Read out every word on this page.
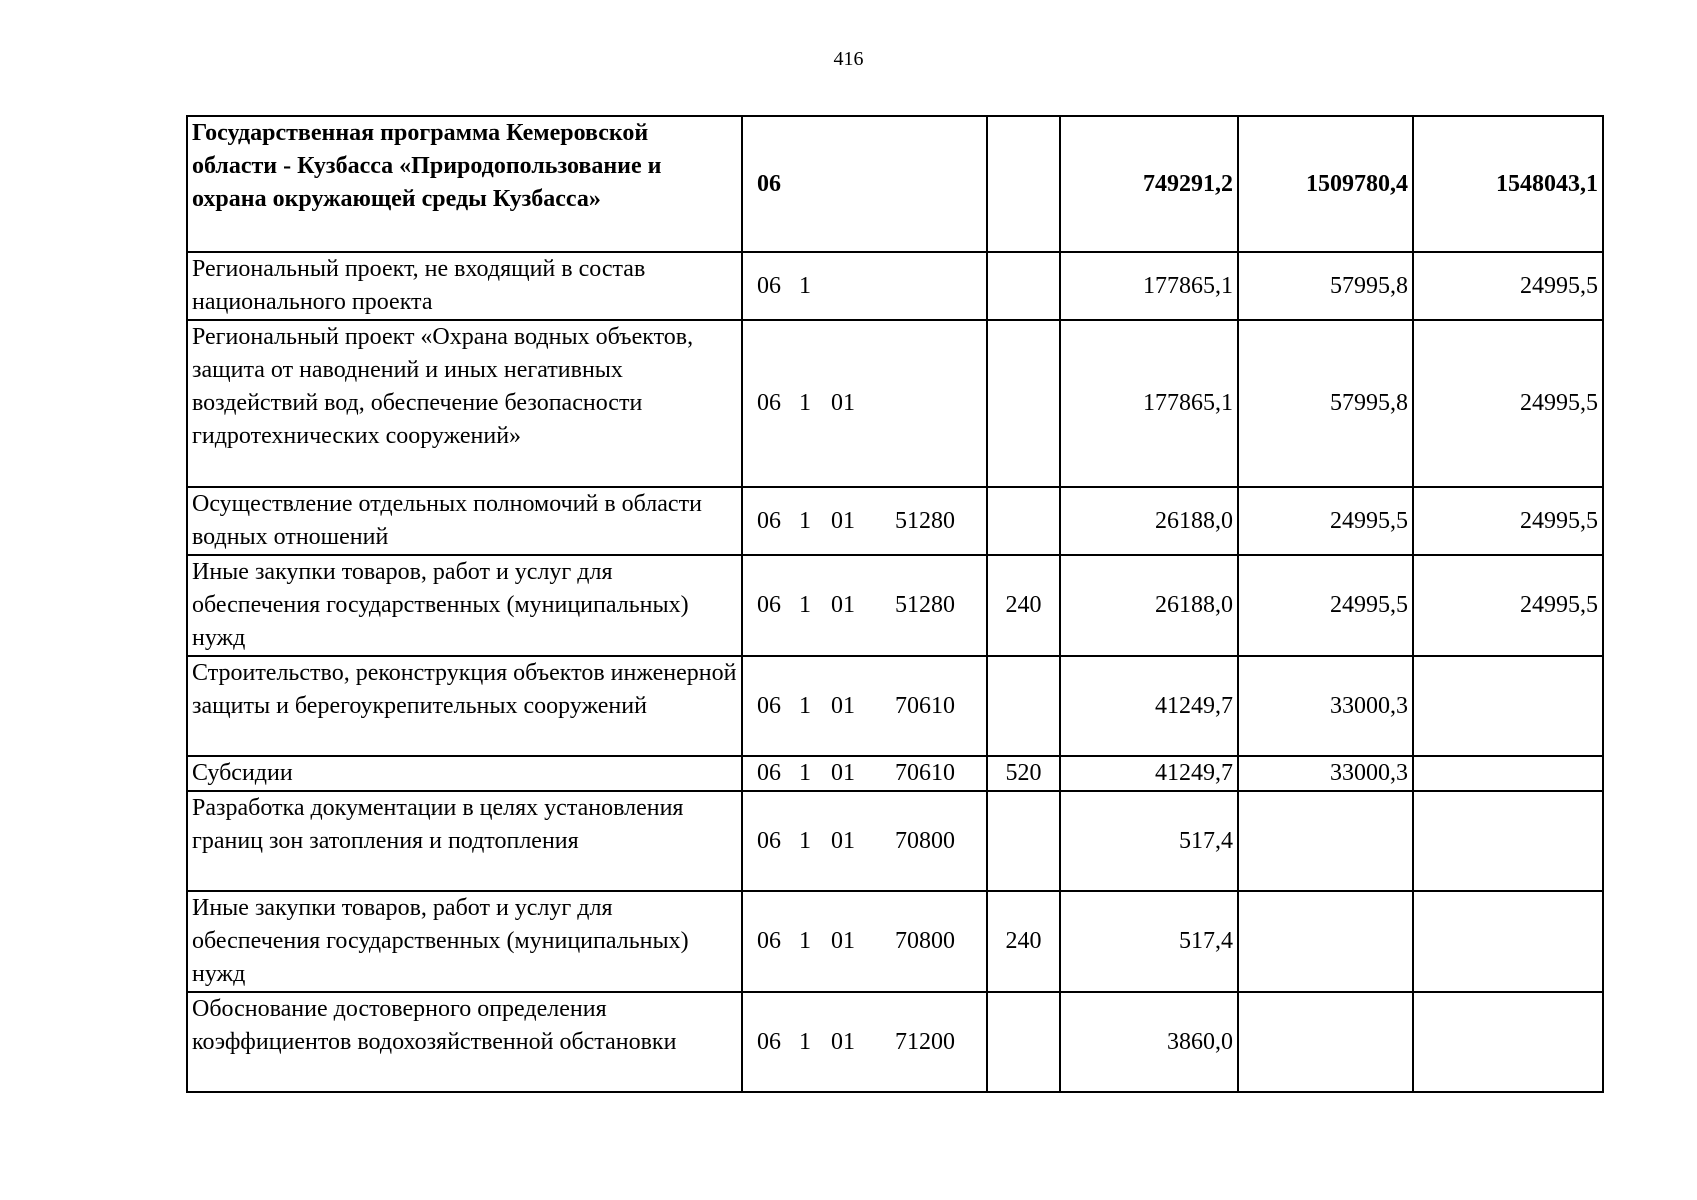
416
Государственная программа Кемеровской области - Кузбасса «Природопользование и охрана окружающей среды Кузбасса»	06		749291,2	1509780,4	1548043,1
Региональный проект, не входящий в состав национального проекта	06 1		177865,1	57995,8	24995,5
Региональный проект «Охрана водных объектов, защита от наводнений и иных негативных воздействий вод, обеспечение безопасности гидротехнических сооружений»	06 1 01		177865,1	57995,8	24995,5
Осуществление отдельных полномочий в области водных отношений	06 1 01 51280		26188,0	24995,5	24995,5
Иные закупки товаров, работ и услуг для обеспечения государственных (муниципальных) нужд	06 1 01 51280	240	26188,0	24995,5	24995,5
Строительство, реконструкция объектов инженерной защиты и берегоукрепительных сооружений	06 1 01 70610		41249,7	33000,3	
Субсидии	06 1 01 70610	520	41249,7	33000,3	
Разработка документации в целях установления границ зон затопления и подтопления	06 1 01 70800		517,4		
Иные закупки товаров, работ и услуг для обеспечения государственных (муниципальных) нужд	06 1 01 70800	240	517,4		
Обоснование достоверного определения коэффициентов водохозяйственной обстановки	06 1 01 71200		3860,0		
